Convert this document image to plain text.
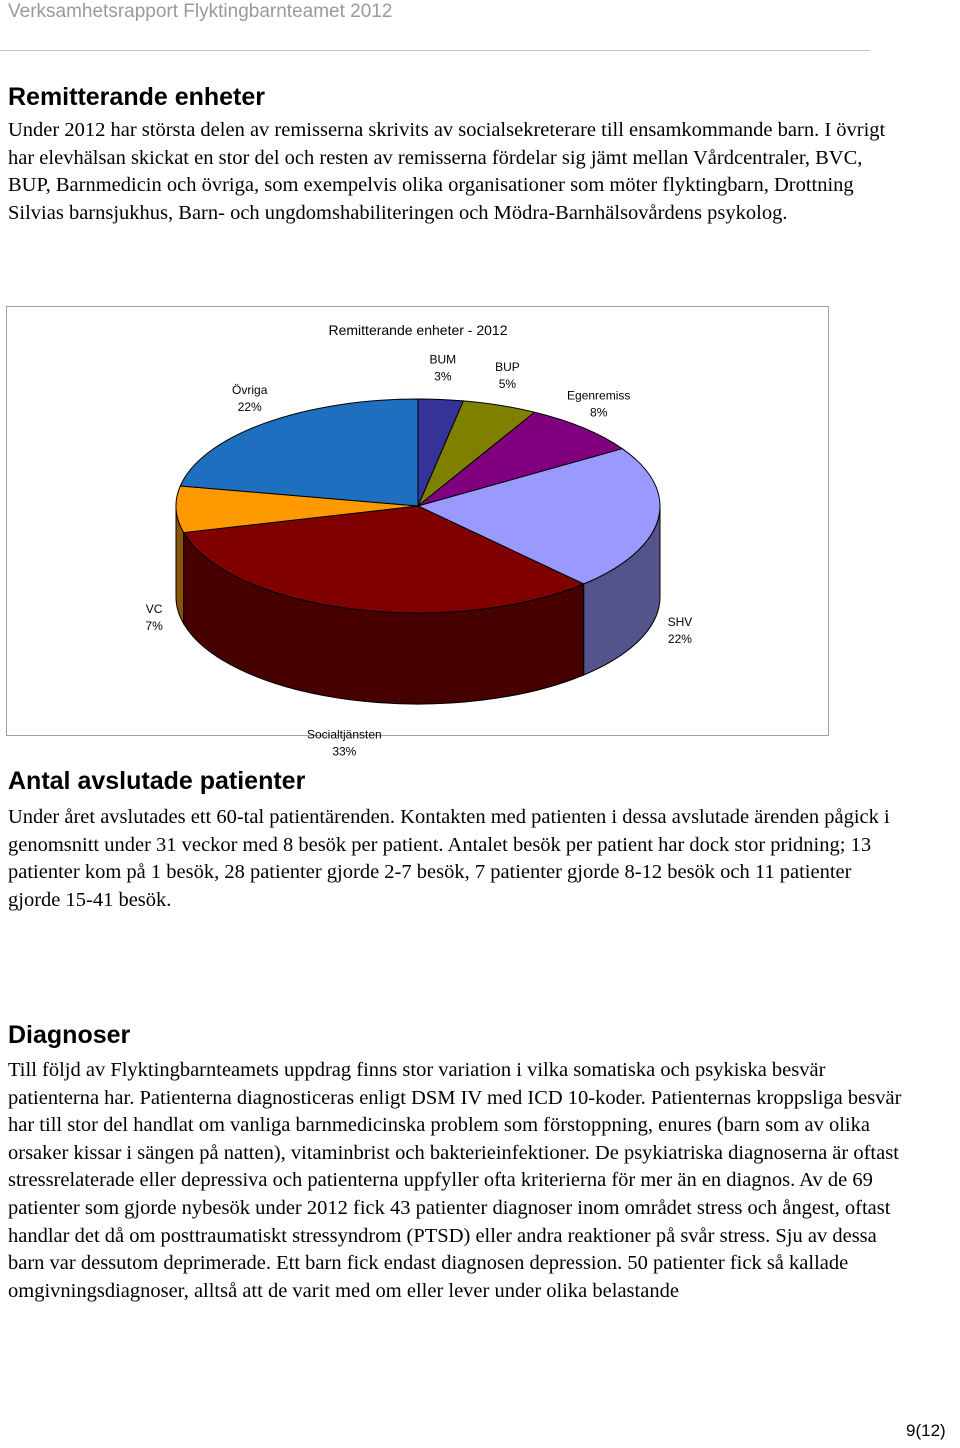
Verksamhetsrapport Flyktingbarnteamet 2012
Remitterande enheter

Under 2012 har största delen av remisserna skrivits av socialsekreterare till ensamkommande barn. I övrigt har elevhälsan skickat en stor del och resten av remisserna fördelar sig jämt mellan Vårdcentraler, BVC, BUP, Barnmedicin och övriga, som exempelvis olika organisationer som möter flyktingbarn, Drottning Silvias barnsjukhus, Barn- och ungdomshabiliteringen och Mödra-Barnhälsovårdens psykolog.

Remitterande enheter - 2012
BUM 3%
BUP 5%
Egenremiss 8%
SHV 22%
Socialtjänsten 33%
VC 7%
Övriga 22%
Antal avslutade patienter

Under året avslutades ett 60-tal patientärenden. Kontakten med patienten i dessa avslutade ärenden pågick i genomsnitt under 31 veckor med 8 besök per patient. Antalet besök per patient har dock stor pridning; 13 patienter kom på 1 besök, 28 patienter gjorde 2-7 besök, 7 patienter gjorde 8-12 besök och 11 patienter gjorde 15-41 besök.

Diagnoser

Till följd av Flyktingbarnteamets uppdrag finns stor variation i vilka somatiska och psykiska besvär patienterna har. Patienterna diagnosticeras enligt DSM IV med ICD 10-koder. Patienternas kroppsliga besvär har till stor del handlat om vanliga barnmedicinska problem som förstoppning, enures (barn som av olika orsaker kissar i sängen på natten), vitaminbrist och bakterieinfektioner. De psykiatriska diagnoserna är oftast stressrelaterade eller depressiva och patienterna uppfyller ofta kriterierna för mer än en diagnos. Av de 69 patienter som gjorde nybesök under 2012 fick 43 patienter diagnoser inom området stress och ångest, oftast handlar det då om posttraumatiskt stressyndrom (PTSD) eller andra reaktioner på svår stress. Sju av dessa barn var dessutom deprimerade. Ett barn fick endast diagnosen depression. 50 patienter fick så kallade omgivningsdiagnoser, alltså att de varit med om eller lever under olika belastande

9(12)
